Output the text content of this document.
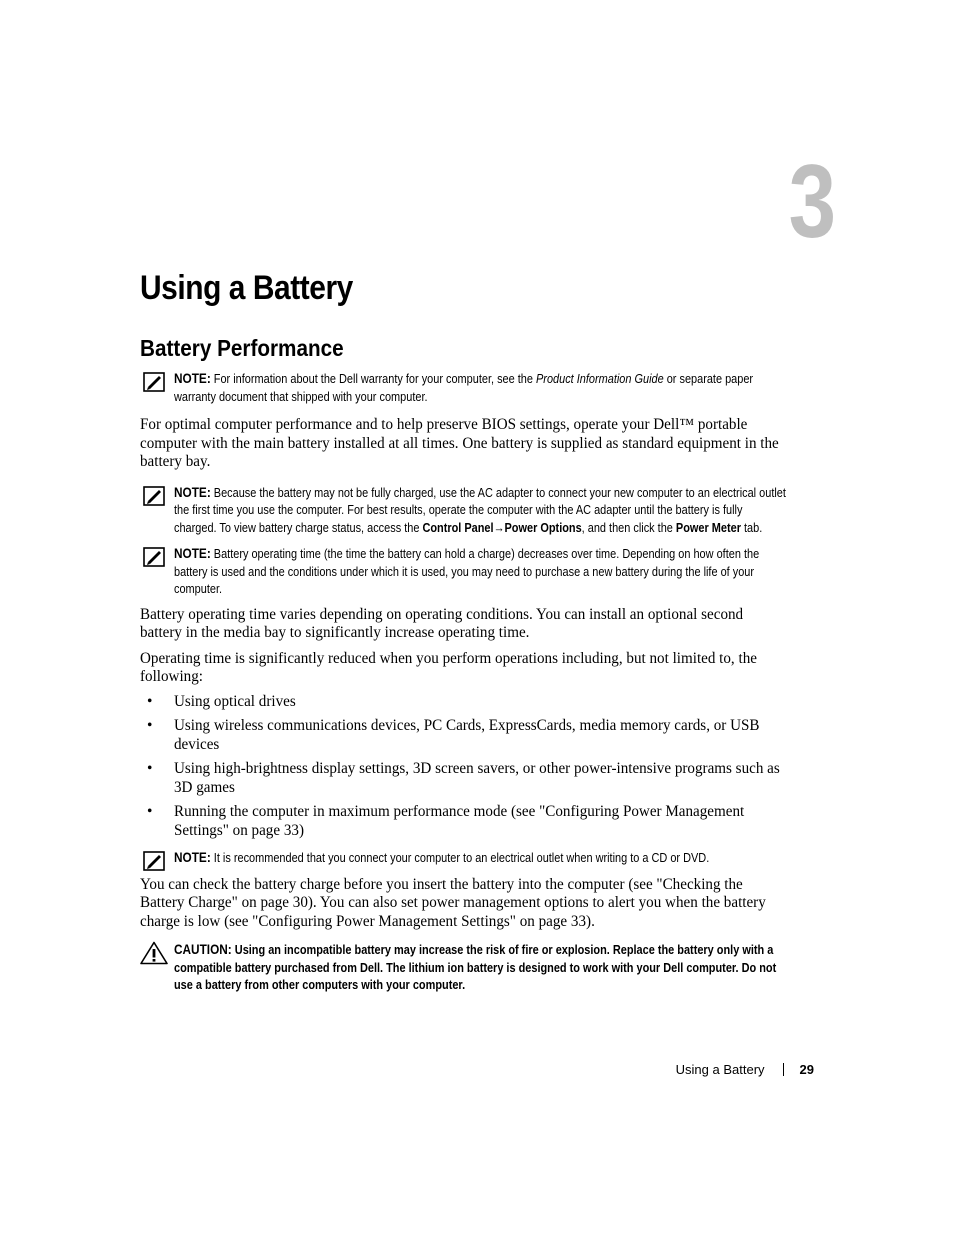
3
Using a Battery
Battery Performance

NOTE: For information about the Dell warranty for your computer, see the Product Information Guide or separate paper warranty document that shipped with your computer.

For optimal computer performance and to help preserve BIOS settings, operate your Dell™ portable computer with the main battery installed at all times. One battery is supplied as standard equipment in the battery bay.

NOTE: Because the battery may not be fully charged, use the AC adapter to connect your new computer to an electrical outlet the first time you use the computer. For best results, operate the computer with the AC adapter until the battery is fully charged. To view battery charge status, access the Control Panel→Power Options, and then click the Power Meter tab.

NOTE: Battery operating time (the time the battery can hold a charge) decreases over time. Depending on how often the battery is used and the conditions under which it is used, you may need to purchase a new battery during the life of your computer.

Battery operating time varies depending on operating conditions. You can install an optional second battery in the media bay to significantly increase operating time.

Operating time is significantly reduced when you perform operations including, but not limited to, the following:

• Using optical drives
• Using wireless communications devices, PC Cards, ExpressCards, media memory cards, or USB devices
• Using high-brightness display settings, 3D screen savers, or other power-intensive programs such as 3D games
• Running the computer in maximum performance mode (see "Configuring Power Management Settings" on page 33)

NOTE: It is recommended that you connect your computer to an electrical outlet when writing to a CD or DVD.

You can check the battery charge before you insert the battery into the computer (see "Checking the Battery Charge" on page 30). You can also set power management options to alert you when the battery charge is low (see "Configuring Power Management Settings" on page 33).

CAUTION: Using an incompatible battery may increase the risk of fire or explosion. Replace the battery only with a compatible battery purchased from Dell. The lithium ion battery is designed to work with your Dell computer. Do not use a battery from other computers with your computer.

Using a Battery	29
